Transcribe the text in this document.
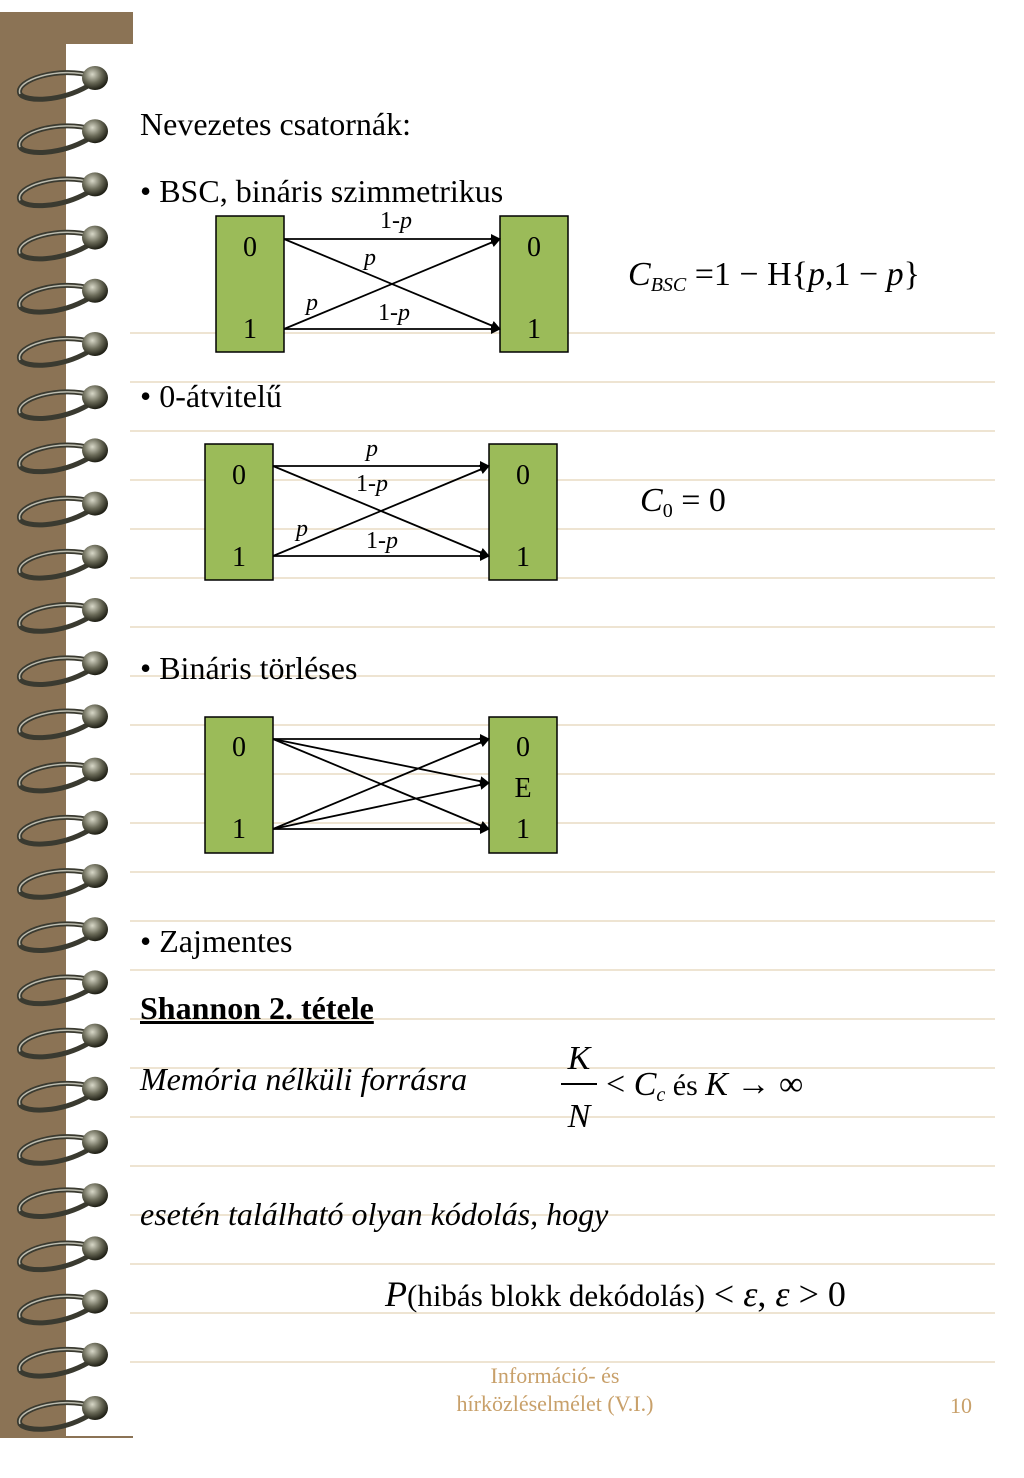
Nevezetes csatornák:
• BSC, bináris szimmetrikus
• 0-átvitelű
• Bináris törléses
• Zajmentes
0
1
0
1
1-p
p
p	1-p
0
1
0
1
p
1-p
p 1-p
0
1
0
E
1
$C_{BSC} =1 - H\{p,1 - p\}$
$C_0 = 0$
Shannon 2. tétele
Memória nélküli forrásra
K
N
< $C_c$ és K → ∞
esetén található olyan kódolás, hogy
P(hibás blokk dekódolás) < ε, ε > 0
Információ- és
hírközléselmélet (V.I.)	10
